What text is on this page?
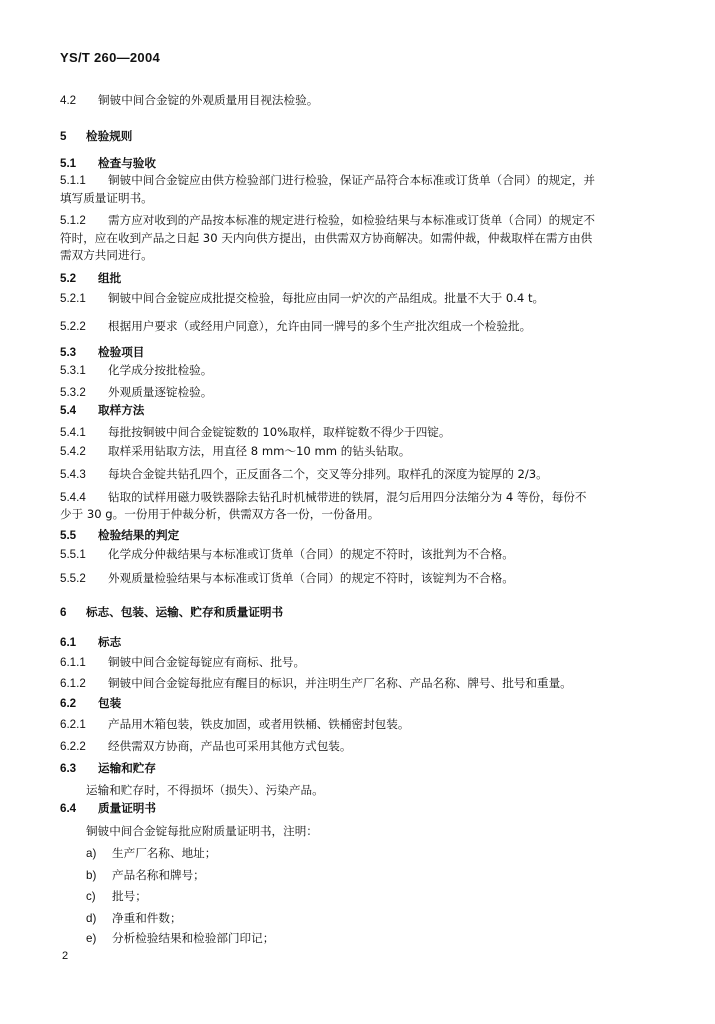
YS/T 260—2004
4.2 铜铍中间合金锭的外观质量用目视法检验。
5 检验规则
5.1 检查与验收
5.1.1 铜铍中间合金锭应由供方检验部门进行检验，保证产品符合本标准或订货单（合同）的规定，并
填写质量证明书。
5.1.2 需方应对收到的产品按本标准的规定进行检验，如检验结果与本标准或订货单（合同）的规定不
符时，应在收到产品之日起 30 天内向供方提出，由供需双方协商解决。如需仲裁，仲裁取样在需方由供
需双方共同进行。
5.2 组批
5.2.1 铜铍中间合金锭应成批提交检验，每批应由同一炉次的产品组成。批量不大于 0.4 t。
5.2.2 根据用户要求（或经用户同意），允许由同一牌号的多个生产批次组成一个检验批。
5.3 检验项目
5.3.1 化学成分按批检验。
5.3.2 外观质量逐锭检验。
5.4 取样方法
5.4.1 每批按铜铍中间合金锭锭数的 10%取样，取样锭数不得少于四锭。
5.4.2 取样采用钻取方法，用直径 8 mm～10 mm 的钻头钻取。
5.4.3 每块合金锭共钻孔四个，正反面各二个，交叉等分排列。取样孔的深度为锭厚的 2/3。
5.4.4 钻取的试样用磁力吸铁器除去钻孔时机械带进的铁屑，混匀后用四分法缩分为 4 等份，每份不
少于 30 g。一份用于仲裁分析，供需双方各一份，一份备用。
5.5 检验结果的判定
5.5.1 化学成分仲裁结果与本标准或订货单（合同）的规定不符时，该批判为不合格。
5.5.2 外观质量检验结果与本标准或订货单（合同）的规定不符时，该锭判为不合格。
6 标志、包装、运输、贮存和质量证明书
6.1 标志
6.1.1 铜铍中间合金锭每锭应有商标、批号。
6.1.2 铜铍中间合金锭每批应有醒目的标识，并注明生产厂名称、产品名称、牌号、批号和重量。
6.2 包装
6.2.1 产品用木箱包装，铁皮加固，或者用铁桶、铁桶密封包装。
6.2.2 经供需双方协商，产品也可采用其他方式包装。
6.3 运输和贮存
运输和贮存时，不得损坏（损失）、污染产品。
6.4 质量证明书
铜铍中间合金锭每批应附质量证明书，注明：
a) 生产厂名称、地址；
b) 产品名称和牌号；
c) 批号；
d) 净重和件数；
e) 分析检验结果和检验部门印记；
2
